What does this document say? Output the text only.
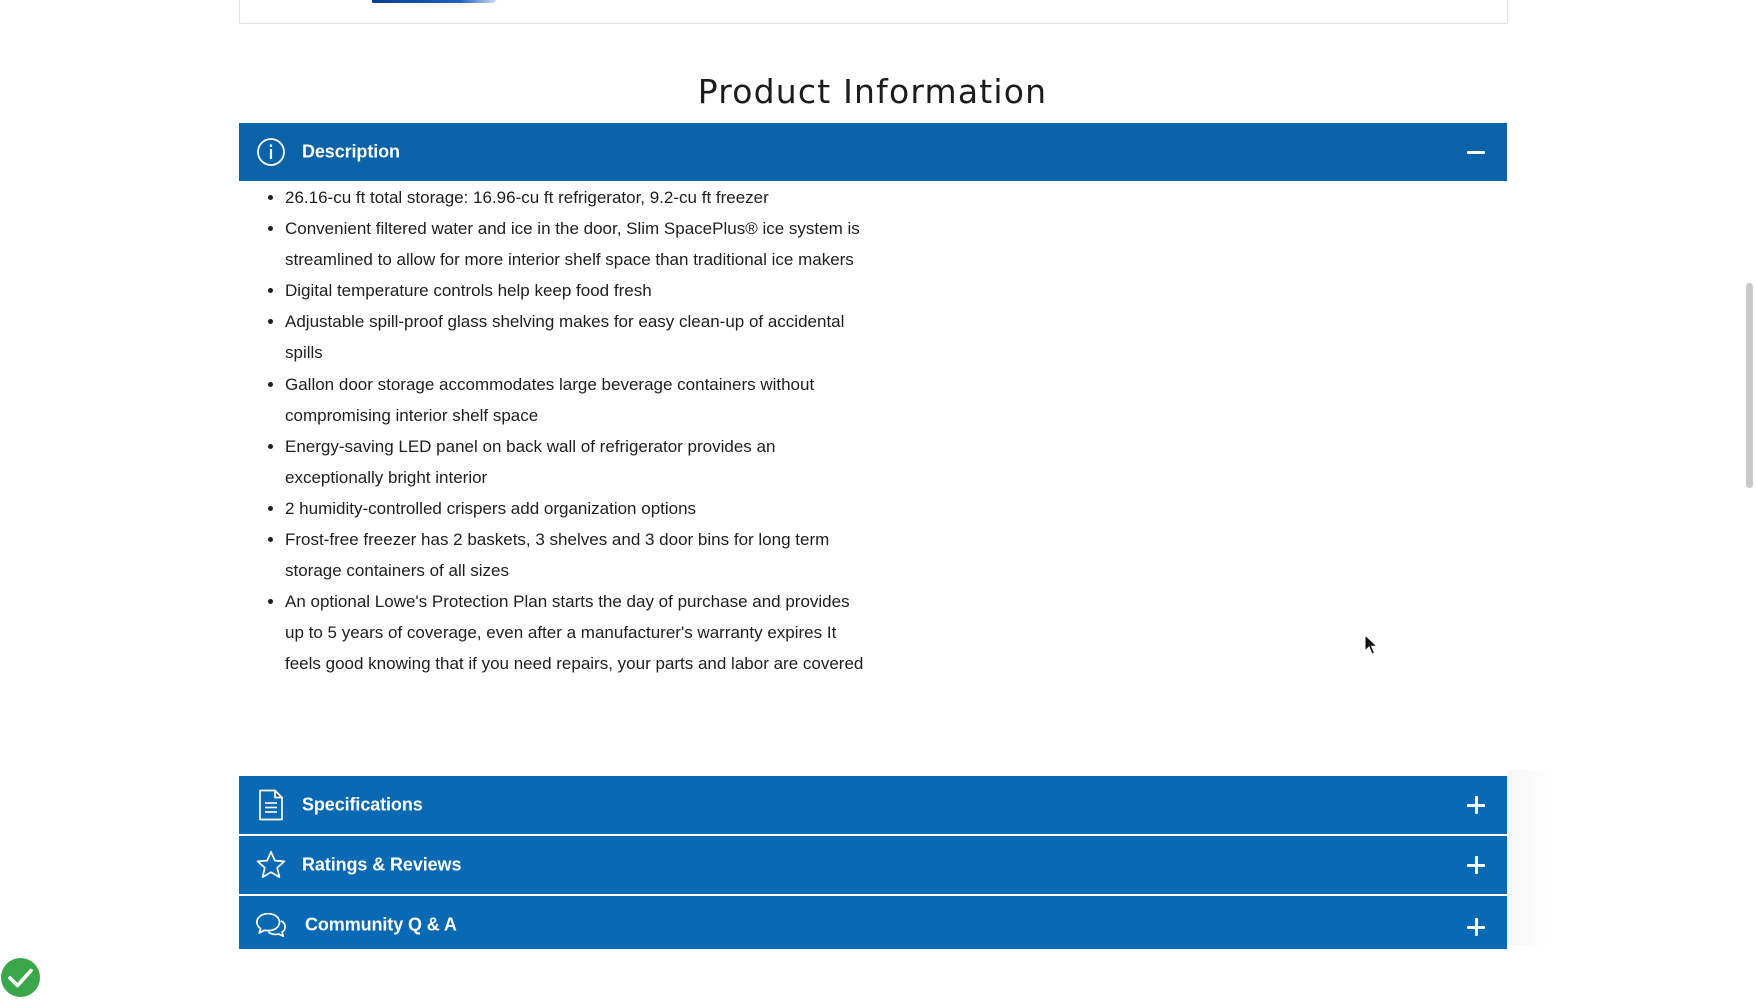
Product Information
Description
26.16-cu ft total storage: 16.96-cu ft refrigerator, 9.2-cu ft freezer
Convenient filtered water and ice in the door, Slim SpacePlus® ice system is streamlined to allow for more interior shelf space than traditional ice makers
Digital temperature controls help keep food fresh
Adjustable spill-proof glass shelving makes for easy clean-up of accidental spills
Gallon door storage accommodates large beverage containers without compromising interior shelf space
Energy-saving LED panel on back wall of refrigerator provides an exceptionally bright interior
2 humidity-controlled crispers add organization options
Frost-free freezer has 2 baskets, 3 shelves and 3 door bins for long term storage containers of all sizes
An optional Lowe's Protection Plan starts the day of purchase and provides up to 5 years of coverage, even after a manufacturer's warranty expires It feels good knowing that if you need repairs, your parts and labor are covered
Specifications
Ratings & Reviews
Community Q & A
